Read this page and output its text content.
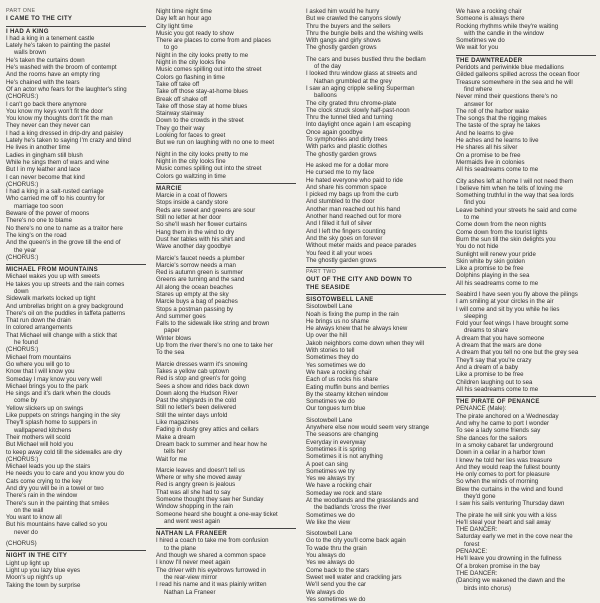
PART ONE
I CAME TO THE CITY
I HAD A KING
I had a king in a tenement castle
Lately he's taken to painting the pastel
walls brown
He's taken the curtains down
He's washed with the broom of contempt
And the rooms have an empty ring
He's chained with the tears
Of an actor who fears for the laughter's sting
(CHORUS:)
I can't go back there anymore
You know my keys won't fit the door
You know my thoughts don't fit the man
They never can they never can
I had a king dressed in drip-dry and paisley
Lately he's taken to saying I'm crazy and blind
He lives in another time
Ladies in gingham still blush
While he sings them of wars and wine
But I in my leather and lace
I can never become that kind
(CHORUS:)
I had a king in a salt-rusted carriage
Who carried me off to his country for
marriage too soon
Beware of the power of moons
There's no one to blame
No there's no one to name as a traitor here
The king's on the road
And the queen's in the grove till the end of
the year
(CHORUS:)
MICHAEL FROM MOUNTAINS
Michael wakes you up with sweets
He takes you up streets and the rain comes
down
Sidewalk markets locked up tight
And umbrellas bright on a grey background
There's oil on the puddles in taffeta patterns
That run down the drain
In colored arrangements
That Michael will change with a stick that
he found
(CHORUS:)
Michael from mountains
Go where you will go to
Know that I will know you
Someday I may know you very well
Michael brings you to the park
He sings and it's dark when the clouds
come by
Yellow slickers up on swings
Like puppets on strings hanging in the sky
They'll splash home to suppers in
wallpapered kitchens
Their mothers will scold
But Michael will hold you
to keep away cold till the sidewalks are dry
(CHORUS:)
Michael leads you up the stairs
He needs you to care and you know you do
Cats come crying to the key
And dry you will be in a towel or two
There's rain in the window
There's sun in the painting that smiles
on the wall
You want to know all
But his mountains have called so you
never do
(CHORUS)
NIGHT IN THE CITY
Light up light up
Light up you lazy blue eyes
Moon's up night's up
Taking the town by surprise
Night time night time
Day left an hour ago
City light time
Music you got ready to show
There are places to come from and places
to go
Night in the city looks pretty to me
Night in the city looks fine
Music comes spilling out into the street
Colors go flashing in time
Take off take off
Take off those stay-at-home blues
Break off shake off
Take off those stay at home blues
Stairway stairway
Down to the crowds in the street
They go their way
Looking for faces to greet
But we run on laughing with no one to meet
Night in the city looks pretty to me
Night in the city looks fine
Music comes spilling out into the street
Colors go waltzing in time
MARCIE
Marcie in a coat of flowers
Stops inside a candy store
Reds are sweet and greens are sour
Still no letter at her door
So she'll wash her flower curtains
Hang them in the wind to dry
Dust her tables with his shirt and
Wave another day goodbye
Marcie's faucet needs a plumber
Marcie's sorrow needs a man
Red is autumn green is summer
Greens are turning and the sand
All along the ocean beaches
Stares up empty at the sky
Marcie buys a bag of peaches
Stops a postman passing by
And summer goes
Falls to the sidewalk like string and brown
paper
Winter blows
Up from the river there's no one to take her
To the sea
Marcie dresses warm it's snowing
Takes a yellow cab uptown
Red is stop and green's for going
Sees a show and rides back down
Down along the Hudson River
Past the shipyards in the cold
Still no letter's been delivered
Still the winter days unfold
Like magazines
Fading in dusty grey attics and cellars
Make a dream
Dream back to summer and hear how he
tells her
Wait for me
Marcie leaves and doesn't tell us
Where or why she moved away
Red is angry green is jealous
That was all she had to say
Someone thought they saw her Sunday
Window shopping in the rain
Someone heard she bought a one-way ticket
and went west again
NATHAN LA FRANEER
I hired a coach to take me from confusion
to the plane
And though we shared a common space
I know I'll never meet again
The driver with his eyebrows furrowed in
the rear-view mirror
I read his name and it was plainly written
Nathan La Franeer
I asked him would he hurry
But we crawled the canyons slowly
Thru the buyers and the sellers
Thru the bungle bells and the wishing wells
With gangs and girly shows
The ghostly garden grows
The cars and buses bustled thru the bedlam
of the day
I looked thru window glass at streets and
Nathan grumbled at the grey
I saw an aging cripple selling Superman
balloons
The city grated thru chrome-plate
The clock struck slowly half-past-noon
Thru the tunnel tiled and turning
Into daylight once again I am escaping
Once again goodbye
To symphonies and dirty trees
With parks and plastic clothes
The ghostly garden grows
He asked me for a dollar more
He cursed me to my face
He hated everyone who paid to ride
And share his common space
I picked my bags up from the curb
And stumbled to the door
Another man reached out his hand
Another hand reached out for more
And I filled it full of silver
And I left the fingers counting
And the sky goes on forever
Without meter maids and peace parades
You feed it all your woes
The ghostly garden grows
PART TWO
OUT OF THE CITY AND DOWN TO
THE SEASIDE
SISOTOWBELL LANE
Sisotowbell Lane
Noah is fixing the pump in the rain
He brings us no shame
He always knew that he always knew
Up over the hill
Jakob neighbors come down when they will
With stories to tell
Sometimes they do
Yes sometimes we do
We have a rocking chair
Each of us rocks his share
Eating muffin buns and berries
By the steamy kitchen window
Sometimes we do
Our tongues turn blue
Sisotowbell Lane
Anywhere else now would seem very strange
The seasons are changing
Everyday in everyway
Sometimes it is spring
Sometimes it is not anything
A poet can sing
Sometimes we try
Yes we always try
We have a rocking chair
Someday we rock and stare
At the woodlands and the grasslands and
the badlands 'cross the river
Sometimes we do
We like the view
Sisotowbell Lane
Go to the city you'll come back again
To wade thru the grain
You always do
Yes we always do
Come back to the stars
Sweet well water and crackling jars
We'll send you the car
We always do
Yes sometimes we do
We have a rocking chair
Someone is always there
Rocking rhythms while they're waiting
with the candle in the window
Sometimes we do
We wait for you
THE DAWNTREADER
Peridots and periwinkle blue medallions
Gilded galleons spilled across the ocean floor
Treasure somewhere in the sea and he will
find where
Never mind their questions there's no
answer for
The roll of the harbor wake
The songs that the rigging makes
The taste of the spray he takes
And he learns to give
He aches and he learns to live
He shares all his silver
On a promise to be free
Mermaids live in colonies
All his seadreams come to me
City ashes left at home I will not need them
I believe him when he tells of loving me
Something truthful in the way that sea lords
find you
Leave behind your streets he said and come
to me
Come down from the neon nights
Come down from the tourist lights
Burn the sun till the skin delights you
You do not hide
Sunlight will renew your pride
Skin white by skin golden
Like a promise to be free
Dolphins playing in the sea
All his seadreams come to me
Seabird I have seen you fly above the pilings
I am smiling at your circles in the air
I will come and sit by you while he lies
sleeping
Fold your feet wings I have brought some
dreams to share
A dream that you have someone
A dream that the wars are done
A dream that you tell no one but the grey sea
They'll say that you're crazy
And a dream of a baby
Like a promise to be free
Children laughing out to sea
All his seadreams come to me
THE PIRATE OF PENANCE
PENANCE (Male):
The pirate anchored on a Wednesday
And why he came to port I wonder
To see a lady some friends say
She dances for the sailors
In a smoky cabaret far underground
Down in a cellar in a harbor town
I knew he told her lies was treasure
And they would reap the fullest bounty
He only comes to port for pleasure
So when the winds of morning
Blew the curtains in the wind and found
they'd gone
I saw his sails venturing Thursday dawn
The pirate he will sink you with a kiss
He'll steal your heart and sail away
THE DANCER:
Saturday early we met in the cove near the
forest
PENANCE:
He'll leave you drowning in the fullness
Of a broken promise in the bay
THE DANCER:
(Dancing we wakened the dawn and the
birds into chorus)
